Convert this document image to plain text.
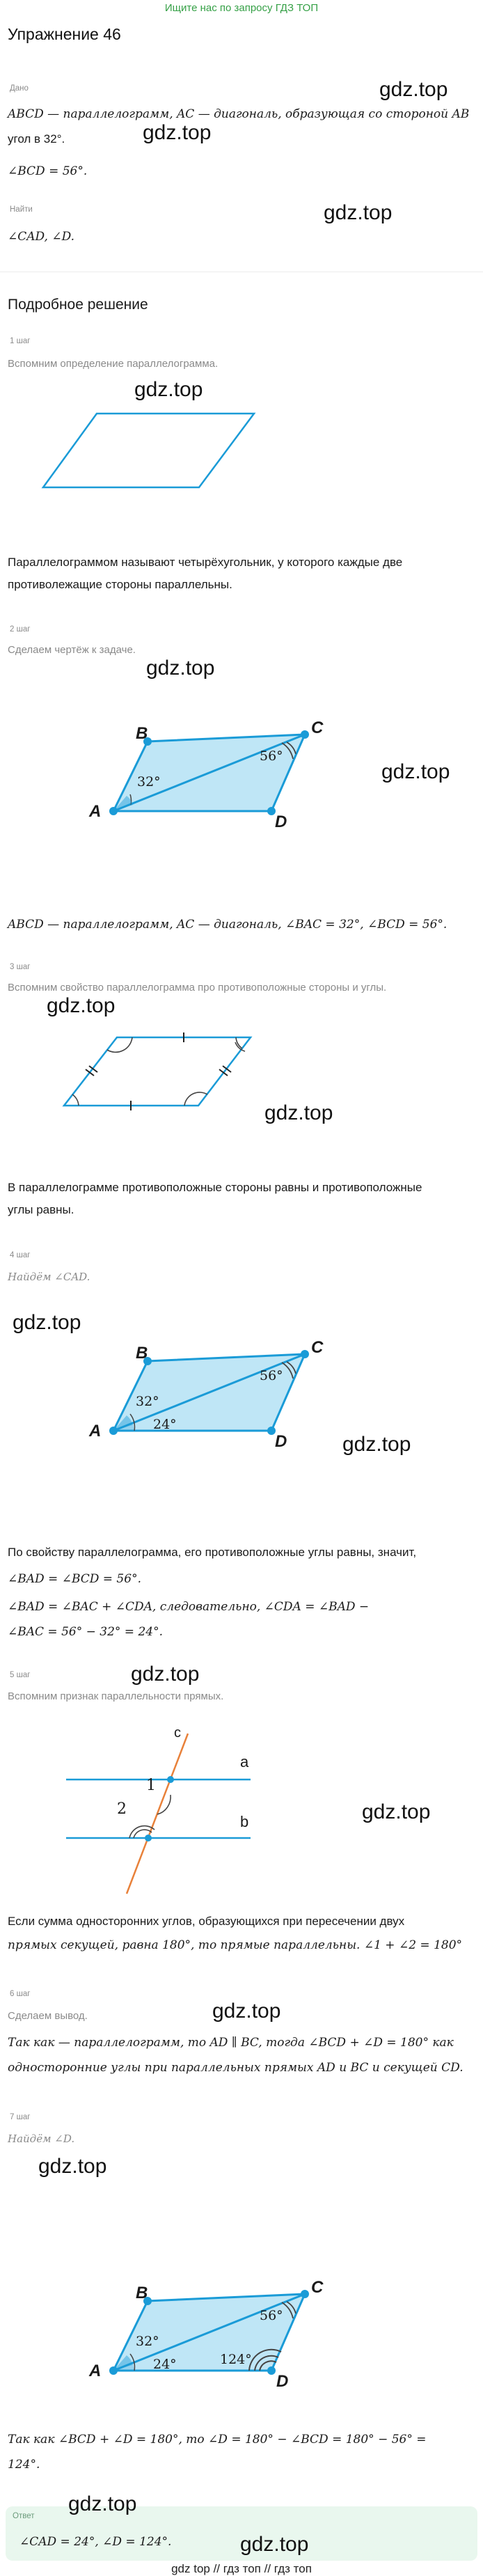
Ищите нас по запросу ГДЗ ТОП
Упражнение 46
Дано	gdz.top
ABCD — параллелограмм, AC — диагональ, образующая со стороной AB
gdz.top
угол в 32°.
∠BCD = 56°.
Найти	gdz.top
∠CAD, ∠D.
Подробное решение
1 шаг
Вспомним определение параллелограмма.
gdz.top
B	C
D
A
32°
56°
gdz.top
gdz.top
Параллелограммом называют четырёхугольник, у которого каждые две
противолежащие стороны параллельны.
2 шаг
Сделаем чертёж к задаче.
ABCD — параллелограмм, AC — диагональ, ∠BAC = 32°, ∠BCD = 56°.
3 шаг
gdz.top
Вспомним свойство параллелограмма про противоположные стороны и углы.
gdz.top
В параллелограмме противоположные стороны равны и противоположные
углы равны.
4 шаг
Найдём ∠CAD.
gdz.top
B	C
D
A
32°
24°
56°
gdz.top
По свойству параллелограмма, его противоположные углы равны, значит,
∠BAD = ∠BCD = 56°.
∠BAD = ∠BAC + ∠CDA, следовательно, ∠CDA = ∠BAD −
∠BAC = 56° − 32° = 24°.
5 шаг	gdz.top
Вспомним признак параллельности прямых.
c
a
b
1
2	gdz.top
Если сумма односторонних углов, образующихся при пересечении двух
прямых секущей, равна 180°, то прямые параллельны. ∠1 + ∠2 = 180°
6 шаг
gdz.top
Сделаем вывод.
Так как — параллелограмм, то AD ∥ BC, тогда ∠BCD + ∠D = 180° как
односторонние углы при параллельных прямых AD и BC и секущей CD.
7 шаг
Найдём ∠D.
gdz.top
B	C
D
A
32°
24°
56°
124°
Так как ∠BCD + ∠D = 180°, то ∠D = 180° − ∠BCD = 180° − 56° =
124°.
Ответ
∠CAD = 24°, ∠D = 124°.
gdz.top
gdz.top
gdz top // гдз топ // гдз топ
